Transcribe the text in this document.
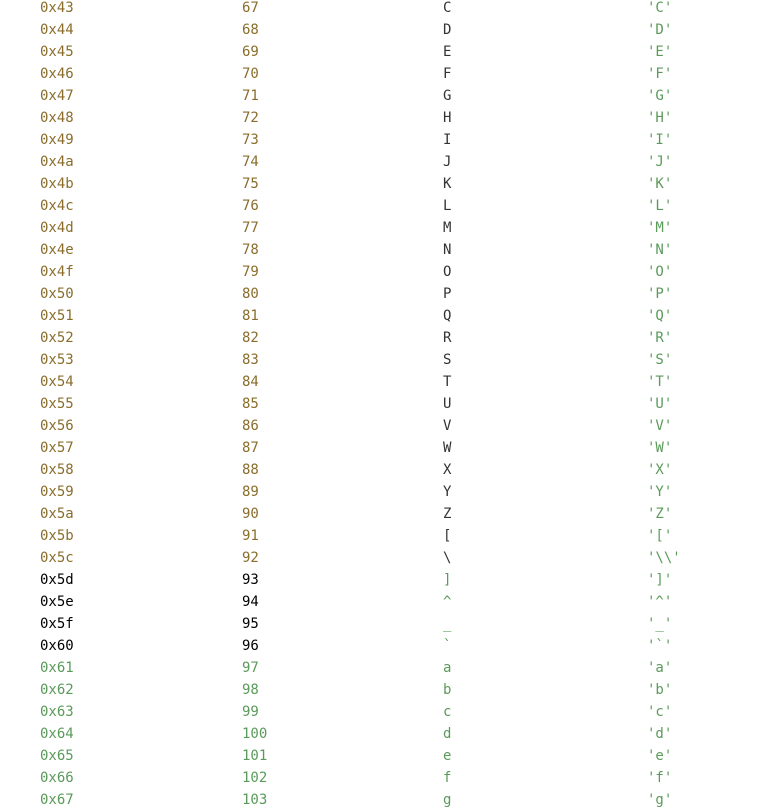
0x43	67	C	'C'
0x44	68	D	'D'
0x45	69	E	'E'
0x46	70	F	'F'
0x47	71	G	'G'
0x48	72	H	'H'
0x49	73	I	'I'
0x4a	74	J	'J'
0x4b	75	K	'K'
0x4c	76	L	'L'
0x4d	77	M	'M'
0x4e	78	N	'N'
0x4f	79	O	'O'
0x50	80	P	'P'
0x51	81	Q	'Q'
0x52	82	R	'R'
0x53	83	S	'S'
0x54	84	T	'T'
0x55	85	U	'U'
0x56	86	V	'V'
0x57	87	W	'W'
0x58	88	X	'X'
0x59	89	Y	'Y'
0x5a	90	Z	'Z'
0x5b	91	[	'['
0x5c	92	\	'\\'
0x5d	93	]	']'
0x5e	94	^	'^'
0x5f	95	_	'_'
0x60	96	`	'`'
0x61	97	a	'a'
0x62	98	b	'b'
0x63	99	c	'c'
0x64	100	d	'd'
0x65	101	e	'e'
0x66	102	f	'f'
0x67	103	g	'g'
